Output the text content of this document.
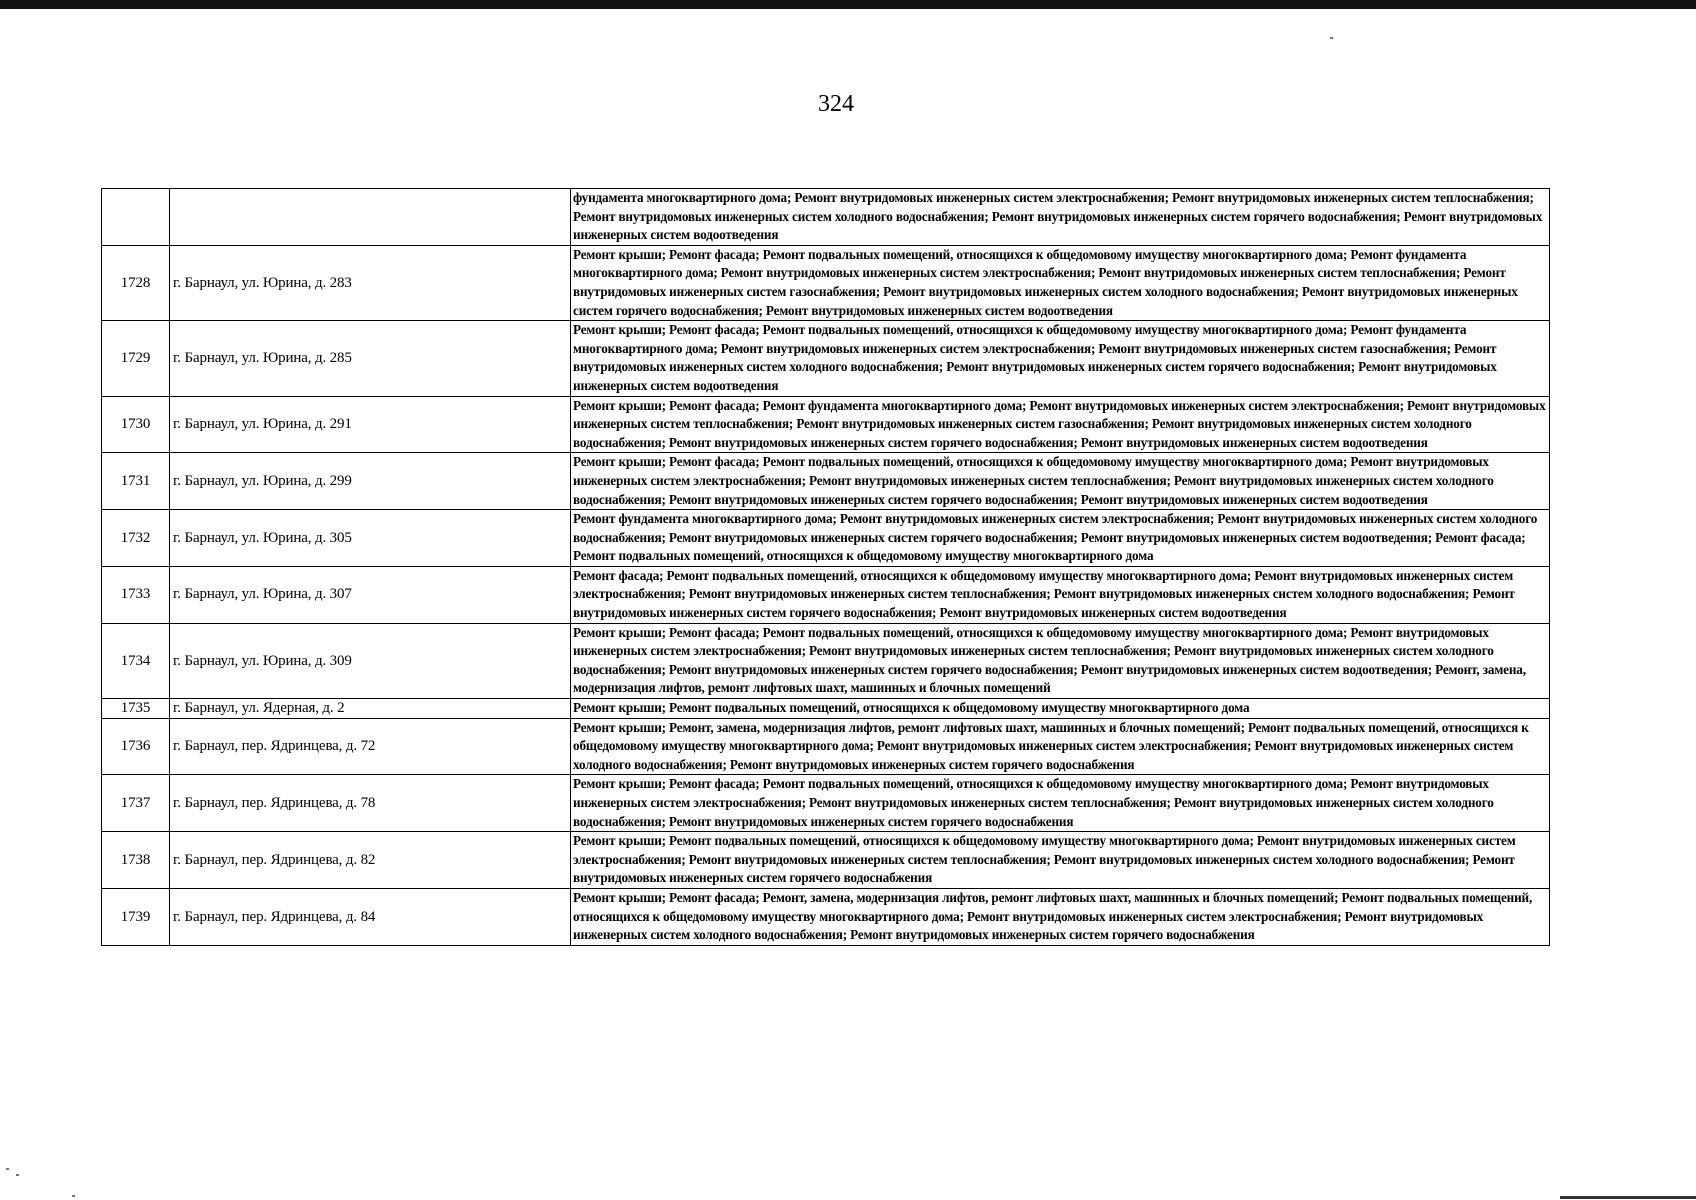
324
		фундамента многоквартирного дома; Ремонт внутридомовых инженерных систем электроснабжения; Ремонт внутридомовых инженерных систем теплоснабжения; Ремонт внутридомовых инженерных систем холодного водоснабжения; Ремонт внутридомовых инженерных систем горячего водоснабжения; Ремонт внутридомовых инженерных систем водоотведения
1728	г. Барнаул, ул. Юрина, д. 283	Ремонт крыши; Ремонт фасада; Ремонт подвальных помещений, относящихся к общедомовому имуществу многоквартирного дома; Ремонт фундамента многоквартирного дома; Ремонт внутридомовых инженерных систем электроснабжения; Ремонт внутридомовых инженерных систем теплоснабжения; Ремонт внутридомовых инженерных систем газоснабжения; Ремонт внутридомовых инженерных систем холодного водоснабжения; Ремонт внутридомовых инженерных систем горячего водоснабжения; Ремонт внутридомовых инженерных систем водоотведения
1729	г. Барнаул, ул. Юрина, д. 285	Ремонт крыши; Ремонт фасада; Ремонт подвальных помещений, относящихся к общедомовому имуществу многоквартирного дома; Ремонт фундамента многоквартирного дома; Ремонт внутридомовых инженерных систем электроснабжения; Ремонт внутридомовых инженерных систем газоснабжения; Ремонт внутридомовых инженерных систем холодного водоснабжения; Ремонт внутридомовых инженерных систем горячего водоснабжения; Ремонт внутридомовых инженерных систем водоотведения
1730	г. Барнаул, ул. Юрина, д. 291	Ремонт крыши; Ремонт фасада; Ремонт фундамента многоквартирного дома; Ремонт внутридомовых инженерных систем электроснабжения; Ремонт внутридомовых инженерных систем теплоснабжения; Ремонт внутридомовых инженерных систем газоснабжения; Ремонт внутридомовых инженерных систем холодного водоснабжения; Ремонт внутридомовых инженерных систем горячего водоснабжения; Ремонт внутридомовых инженерных систем водоотведения
1731	г. Барнаул, ул. Юрина, д. 299	Ремонт крыши; Ремонт фасада; Ремонт подвальных помещений, относящихся к общедомовому имуществу многоквартирного дома; Ремонт внутридомовых инженерных систем электроснабжения; Ремонт внутридомовых инженерных систем теплоснабжения; Ремонт внутридомовых инженерных систем холодного водоснабжения; Ремонт внутридомовых инженерных систем горячего водоснабжения; Ремонт внутридомовых инженерных систем водоотведения
1732	г. Барнаул, ул. Юрина, д. 305	Ремонт фундамента многоквартирного дома; Ремонт внутридомовых инженерных систем электроснабжения; Ремонт внутридомовых инженерных систем холодного водоснабжения; Ремонт внутридомовых инженерных систем горячего водоснабжения; Ремонт внутридомовых инженерных систем водоотведения; Ремонт фасада; Ремонт подвальных помещений, относящихся к общедомовому имуществу многоквартирного дома
1733	г. Барнаул, ул. Юрина, д. 307	Ремонт фасада; Ремонт подвальных помещений, относящихся к общедомовому имуществу многоквартирного дома; Ремонт внутридомовых инженерных систем электроснабжения; Ремонт внутридомовых инженерных систем теплоснабжения; Ремонт внутридомовых инженерных систем холодного водоснабжения; Ремонт внутридомовых инженерных систем горячего водоснабжения; Ремонт внутридомовых инженерных систем водоотведения
1734	г. Барнаул, ул. Юрина, д. 309	Ремонт крыши; Ремонт фасада; Ремонт подвальных помещений, относящихся к общедомовому имуществу многоквартирного дома; Ремонт внутридомовых инженерных систем электроснабжения; Ремонт внутридомовых инженерных систем теплоснабжения; Ремонт внутридомовых инженерных систем холодного водоснабжения; Ремонт внутридомовых инженерных систем горячего водоснабжения; Ремонт внутридомовых инженерных систем водоотведения; Ремонт, замена, модернизация лифтов, ремонт лифтовых шахт, машинных и блочных помещений
1735	г. Барнаул, ул. Ядерная, д. 2	Ремонт крыши; Ремонт подвальных помещений, относящихся к общедомовому имуществу многоквартирного дома
1736	г. Барнаул, пер. Ядринцева, д. 72	Ремонт крыши; Ремонт, замена, модернизация лифтов, ремонт лифтовых шахт, машинных и блочных помещений; Ремонт подвальных помещений, относящихся к общедомовому имуществу многоквартирного дома; Ремонт внутридомовых инженерных систем электроснабжения; Ремонт внутридомовых инженерных систем холодного водоснабжения; Ремонт внутридомовых инженерных систем горячего водоснабжения
1737	г. Барнаул, пер. Ядринцева, д. 78	Ремонт крыши; Ремонт фасада; Ремонт подвальных помещений, относящихся к общедомовому имуществу многоквартирного дома; Ремонт внутридомовых инженерных систем электроснабжения; Ремонт внутридомовых инженерных систем теплоснабжения; Ремонт внутридомовых инженерных систем холодного водоснабжения; Ремонт внутридомовых инженерных систем горячего водоснабжения
1738	г. Барнаул, пер. Ядринцева, д. 82	Ремонт крыши; Ремонт подвальных помещений, относящихся к общедомовому имуществу многоквартирного дома; Ремонт внутридомовых инженерных систем электроснабжения; Ремонт внутридомовых инженерных систем теплоснабжения; Ремонт внутридомовых инженерных систем холодного водоснабжения; Ремонт внутридомовых инженерных систем горячего водоснабжения
1739	г. Барнаул, пер. Ядринцева, д. 84	Ремонт крыши; Ремонт фасада; Ремонт, замена, модернизация лифтов, ремонт лифтовых шахт, машинных и блочных помещений; Ремонт подвальных помещений, относящихся к общедомовому имуществу многоквартирного дома; Ремонт внутридомовых инженерных систем электроснабжения; Ремонт внутридомовых инженерных систем холодного водоснабжения; Ремонт внутридомовых инженерных систем горячего водоснабжения
